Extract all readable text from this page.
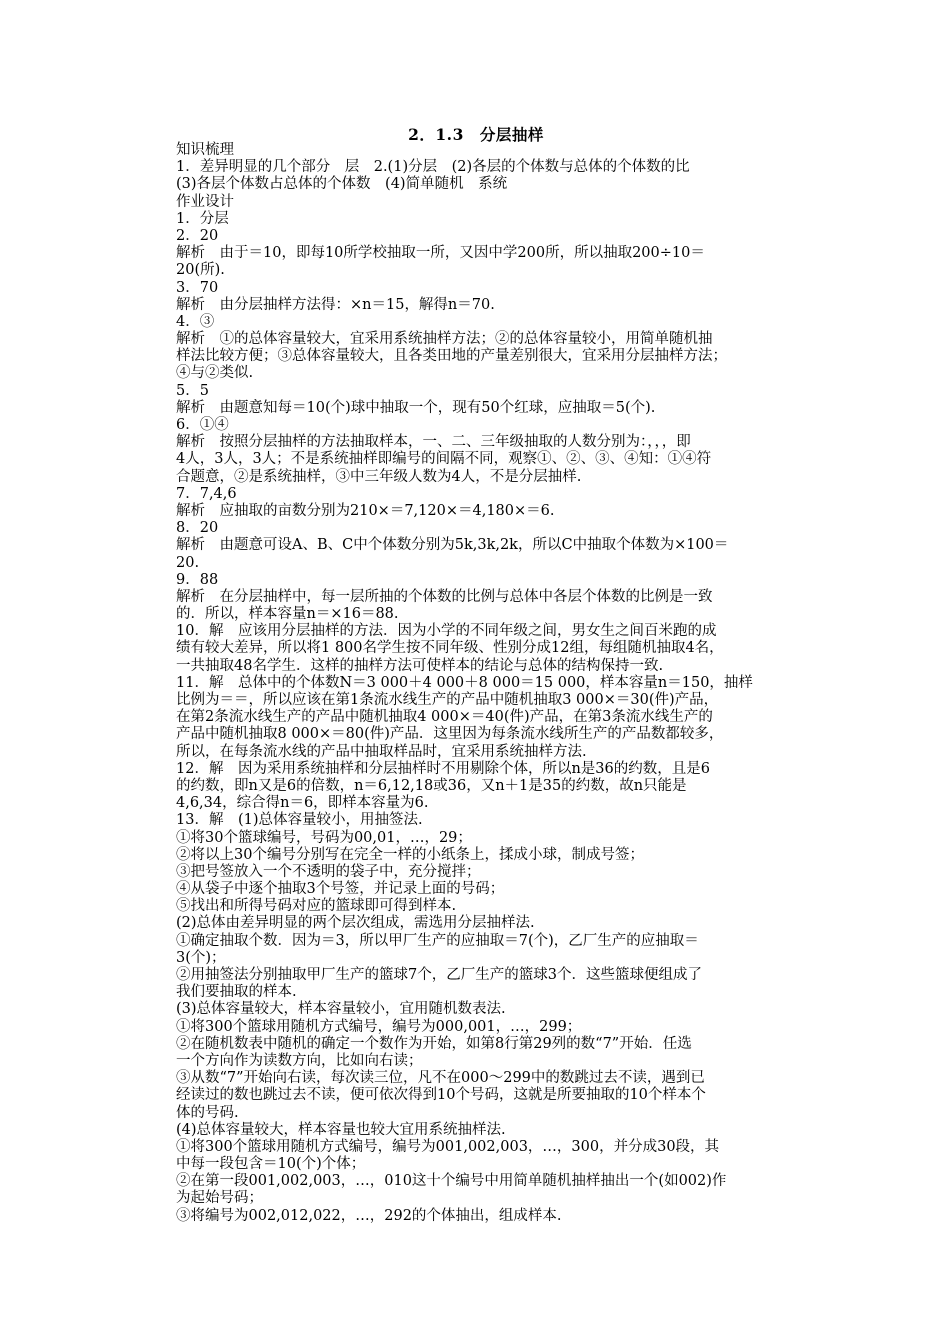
2．1.3　分层抽样
知识梳理
1．差异明显的几个部分　层　2.(1)分层　(2)各层的个体数与总体的个体数的比
(3)各层个体数占总体的个体数　(4)简单随机　系统
作业设计
1．分层
2．20
解析　由于＝10，即每10所学校抽取一所，又因中学200所，所以抽取200÷10＝
20(所).
3．70
解析　由分层抽样方法得：×n＝15，解得n＝70.
4．③
解析　①的总体容量较大，宜采用系统抽样方法；②的总体容量较小，用简单随机抽
样法比较方便；③总体容量较大，且各类田地的产量差别很大，宜采用分层抽样方法；
④与②类似.
5．5
解析　由题意知每＝10(个)球中抽取一个，现有50个红球，应抽取＝5(个).
6．①④
解析　按照分层抽样的方法抽取样本，一、二、三年级抽取的人数分别为：，，，即
4人，3人，3人；不是系统抽样即编号的间隔不同，观察①、②、③、④知：①④符
合题意，②是系统抽样，③中三年级人数为4人，不是分层抽样.
7．7,4,6
解析　应抽取的亩数分别为210×＝7,120×＝4,180×＝6.
8．20
解析　由题意可设A、B、C中个体数分别为5k,3k,2k，所以C中抽取个体数为×100＝
20.
9．88
解析　在分层抽样中，每一层所抽的个体数的比例与总体中各层个体数的比例是一致
的．所以，样本容量n＝×16＝88.
10．解　应该用分层抽样的方法．因为小学的不同年级之间，男女生之间百米跑的成
绩有较大差异，所以将1 800名学生按不同年级、性别分成12组，每组随机抽取4名，
一共抽取48名学生．这样的抽样方法可使样本的结论与总体的结构保持一致.
11．解　总体中的个体数N＝3 000＋4 000＋8 000＝15 000，样本容量n＝150，抽样
比例为＝＝，所以应该在第1条流水线生产的产品中随机抽取3 000×＝30(件)产品，
在第2条流水线生产的产品中随机抽取4 000×＝40(件)产品，在第3条流水线生产的
产品中随机抽取8 000×＝80(件)产品．这里因为每条流水线所生产的产品数都较多，
所以，在每条流水线的产品中抽取样品时，宜采用系统抽样方法.
12．解　因为采用系统抽样和分层抽样时不用剔除个体，所以n是36的约数，且是6
的约数，即n又是6的倍数，n＝6,12,18或36，又n＋1是35的约数，故n只能是
4,6,34，综合得n＝6，即样本容量为6.
13．解　(1)总体容量较小，用抽签法.
①将30个篮球编号，号码为00,01，…，29；
②将以上30个编号分别写在完全一样的小纸条上，揉成小球，制成号签；
③把号签放入一个不透明的袋子中，充分搅拌；
④从袋子中逐个抽取3个号签，并记录上面的号码；
⑤找出和所得号码对应的篮球即可得到样本.
(2)总体由差异明显的两个层次组成，需选用分层抽样法.
①确定抽取个数．因为＝3，所以甲厂生产的应抽取＝7(个)，乙厂生产的应抽取＝
3(个)；
②用抽签法分别抽取甲厂生产的篮球7个，乙厂生产的篮球3个．这些篮球便组成了
我们要抽取的样本.
(3)总体容量较大，样本容量较小，宜用随机数表法.
①将300个篮球用随机方式编号，编号为000,001，…，299；
②在随机数表中随机的确定一个数作为开始，如第8行第29列的数“7”开始．任选
一个方向作为读数方向，比如向右读；
③从数“7”开始向右读，每次读三位，凡不在000～299中的数跳过去不读，遇到已
经读过的数也跳过去不读，便可依次得到10个号码，这就是所要抽取的10个样本个
体的号码.
(4)总体容量较大，样本容量也较大宜用系统抽样法.
①将300个篮球用随机方式编号，编号为001,002,003，…，300，并分成30段，其
中每一段包含＝10(个)个体；
②在第一段001,002,003，…，010这十个编号中用简单随机抽样抽出一个(如002)作
为起始号码；
③将编号为002,012,022，…，292的个体抽出，组成样本.
